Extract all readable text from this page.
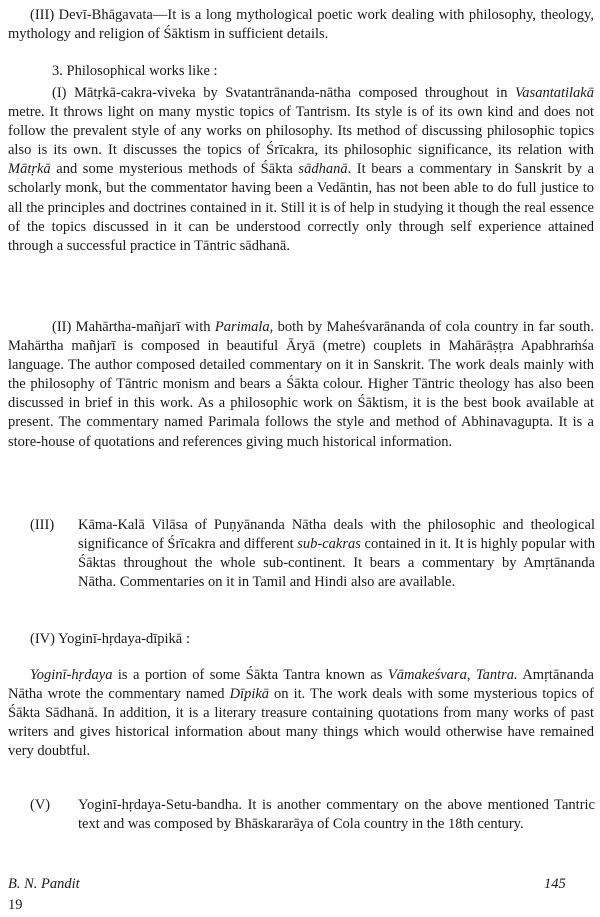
(III) Devī-Bhāgavata—It is a long mythological poetic work dealing with philosophy, theology, mythology and religion of Śāktism in sufficient details.

3. Philosophical works like :

(I) Mātṛkā-cakra-viveka by Svatantrānanda-nātha composed throughout in Vasantatilakā metre. It throws light on many mystic topics of Tantrism. Its style is of its own kind and does not follow the prevalent style of any works on philosophy. Its method of discussing philosophic topics also is its own. It discusses the topics of Śrīcakra, its philosophic significance, its relation with Mātṛkā and some mysterious methods of Śākta sādhanā. It bears a commentary in Sanskrit by a scholarly monk, but the commentator having been a Vedāntin, has not been able to do full justice to all the principles and doctrines contained in it. Still it is of help in studying it though the real essence of the topics discussed in it can be understood correctly only through self experience attained through a successful practice in Tāntric sādhanā.

(II) Mahārtha-mañjarī with Parimala, both by Maheśvarānanda of cola country in far south. Mahārtha mañjarī is composed in beautiful Āryā (metre) couplets in Mahārāṣṭra Apabhraṁśa language. The author composed detailed commentary on it in Sanskrit. The work deals mainly with the philosophy of Tāntric monism and bears a Śākta colour. Higher Tāntric theology has also been discussed in brief in this work. As a philosophic work on Śāktism, it is the best book available at present. The commentary named Parimala follows the style and method of Abhinavagupta. It is a store-house of quotations and references giving much historical information.

(III)	Kāma-Kalā Vilāsa of Puṇyānanda Nātha deals with the philosophic and theological significance of Śrīcakra and different sub-cakras contained in it. It is highly popular with Śāktas throughout the whole sub-continent. It bears a commentary by Amṛtānanda Nātha. Commentaries on it in Tamil and Hindi also are available.

(IV) Yoginī-hṛdaya-dīpikā :

Yoginī-hṛdaya is a portion of some Śākta Tantra known as Vāmakeśvara, Tantra. Amṛtānanda Nātha wrote the commentary named Dīpikā on it. The work deals with some mysterious topics of Śākta Sādhanā. In addition, it is a literary treasure containing quotations from many works of past writers and gives historical information about many things which would otherwise have remained very doubtful.

(V)	Yoginī-hṛdaya-Setu-bandha. It is another commentary on the above mentioned Tantric text and was composed by Bhāskararāya of Cola country in the 18th century.

B. N. Pandit	145
19
